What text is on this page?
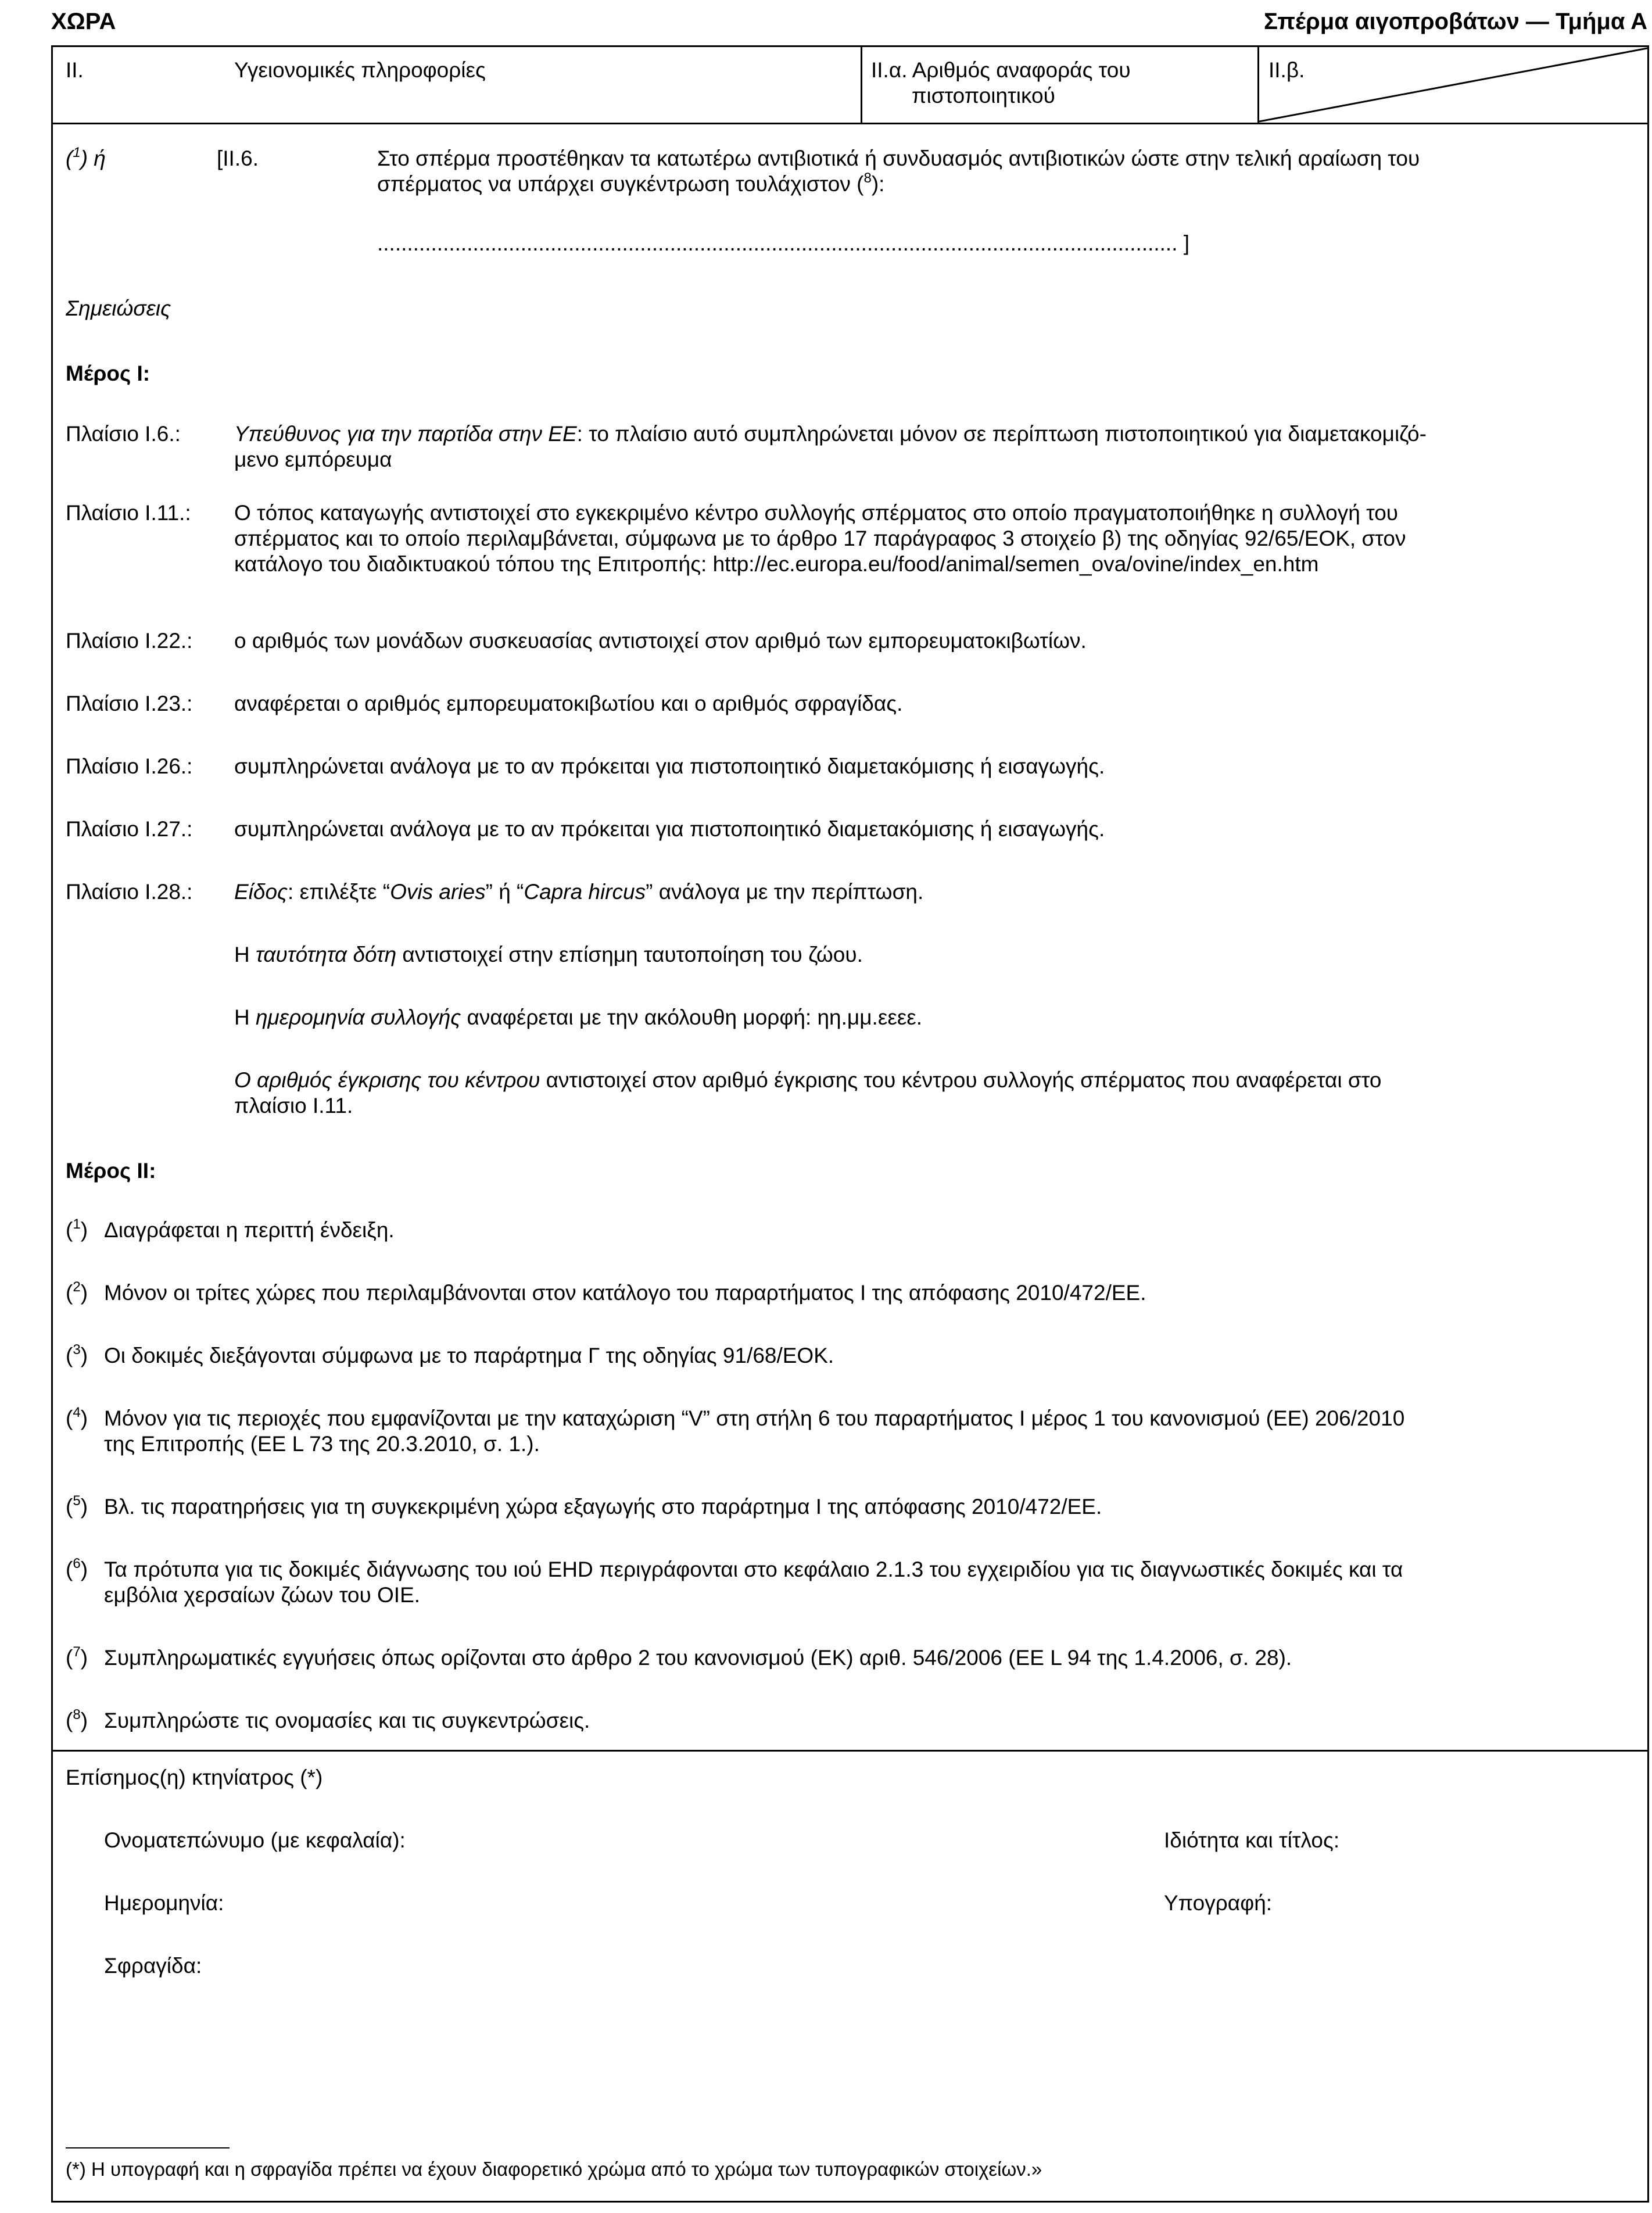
ΧΩΡΑ	Σπέρμα αιγοπροβάτων — Τμήμα Α
II.	Υγειονομικές πληροφορίες	II.α. Αριθμός αναφοράς του
πιστοποιητικού
II.β.
($^1$) ή	[II.6.	Στο σπέρμα προστέθηκαν τα κατωτέρω αντιβιοτικά ή συνδυασμός αντιβιοτικών ώστε στην τελική αραίωση του
σπέρματος να υπάρχει συγκέντρωση τουλάχιστον ($^8$):
...................................................................................................................................... ]
Σημειώσεις
Μέρος I:
Πλαίσιο I.6.: Υπεύθυνος για την παρτίδα στην ΕΕ: το πλαίσιο αυτό συμπληρώνεται μόνον σε περίπτωση πιστοποιητικού για διαμετακομιζό-
μενο εμπόρευμα
Πλαίσιο I.11.: Ο τόπος καταγωγής αντιστοιχεί στο εγκεκριμένο κέντρο συλλογής σπέρματος στο οποίο πραγματοποιήθηκε η συλλογή του
σπέρματος και το οποίο περιλαμβάνεται, σύμφωνα με το άρθρο 17 παράγραφος 3 στοιχείο β) της οδηγίας 92/65/ΕΟΚ, στον
κατάλογο του διαδικτυακού τόπου της Επιτροπής: http://ec.europa.eu/food/animal/semen_ova/ovine/index_en.htm
Πλαίσιο I.22.: ο αριθμός των μονάδων συσκευασίας αντιστοιχεί στον αριθμό των εμπορευματοκιβωτίων.
Πλαίσιο I.23.: αναφέρεται ο αριθμός εμπορευματοκιβωτίου και ο αριθμός σφραγίδας.
Πλαίσιο I.26.: συμπληρώνεται ανάλογα με το αν πρόκειται για πιστοποιητικό διαμετακόμισης ή εισαγωγής.
Πλαίσιο I.27.: συμπληρώνεται ανάλογα με το αν πρόκειται για πιστοποιητικό διαμετακόμισης ή εισαγωγής.
Πλαίσιο I.28.: Είδος: επιλέξτε “Ovis aries” ή “Capra hircus” ανάλογα με την περίπτωση.
Η ταυτότητα δότη αντιστοιχεί στην επίσημη ταυτοποίηση του ζώου.
Η ημερομηνία συλλογής αναφέρεται με την ακόλουθη μορφή: ηη.μμ.εεεε.
Ο αριθμός έγκρισης του κέντρου αντιστοιχεί στον αριθμό έγκρισης του κέντρου συλλογής σπέρματος που αναφέρεται στο
πλαίσιο I.11.
Μέρος II:
($^1$) Διαγράφεται η περιττή ένδειξη.
($^2$) Μόνον οι τρίτες χώρες που περιλαμβάνονται στον κατάλογο του παραρτήματος I της απόφασης 2010/472/ΕΕ.
($^3$) Οι δοκιμές διεξάγονται σύμφωνα με το παράρτημα Γ της οδηγίας 91/68/ΕΟΚ.
($^4$) Μόνον για τις περιοχές που εμφανίζονται με την καταχώριση “V” στη στήλη 6 του παραρτήματος I μέρος 1 του κανονισμού (ΕΕ) 206/2010
της Επιτροπής (ΕΕ L 73 της 20.3.2010, σ. 1.).
($^5$) Βλ. τις παρατηρήσεις για τη συγκεκριμένη χώρα εξαγωγής στο παράρτημα I της απόφασης 2010/472/ΕΕ.
($^6$) Τα πρότυπα για τις δοκιμές διάγνωσης του ιού EHD περιγράφονται στο κεφάλαιο 2.1.3 του εγχειριδίου για τις διαγνωστικές δοκιμές και τα
εμβόλια χερσαίων ζώων του OIE.
($^7$) Συμπληρωματικές εγγυήσεις όπως ορίζονται στο άρθρο 2 του κανονισμού (ΕΚ) αριθ. 546/2006 (ΕΕ L 94 της 1.4.2006, σ. 28).
($^8$) Συμπληρώστε τις ονομασίες και τις συγκεντρώσεις.
Επίσημος(η) κτηνίατρος (*)
Ονοματεπώνυμο (με κεφαλαία):	Ιδιότητα και τίτλος:
Ημερομηνία:	Υπογραφή:
Σφραγίδα:
(*) Η υπογραφή και η σφραγίδα πρέπει να έχουν διαφορετικό χρώμα από το χρώμα των τυπογραφικών στοιχείων.»
